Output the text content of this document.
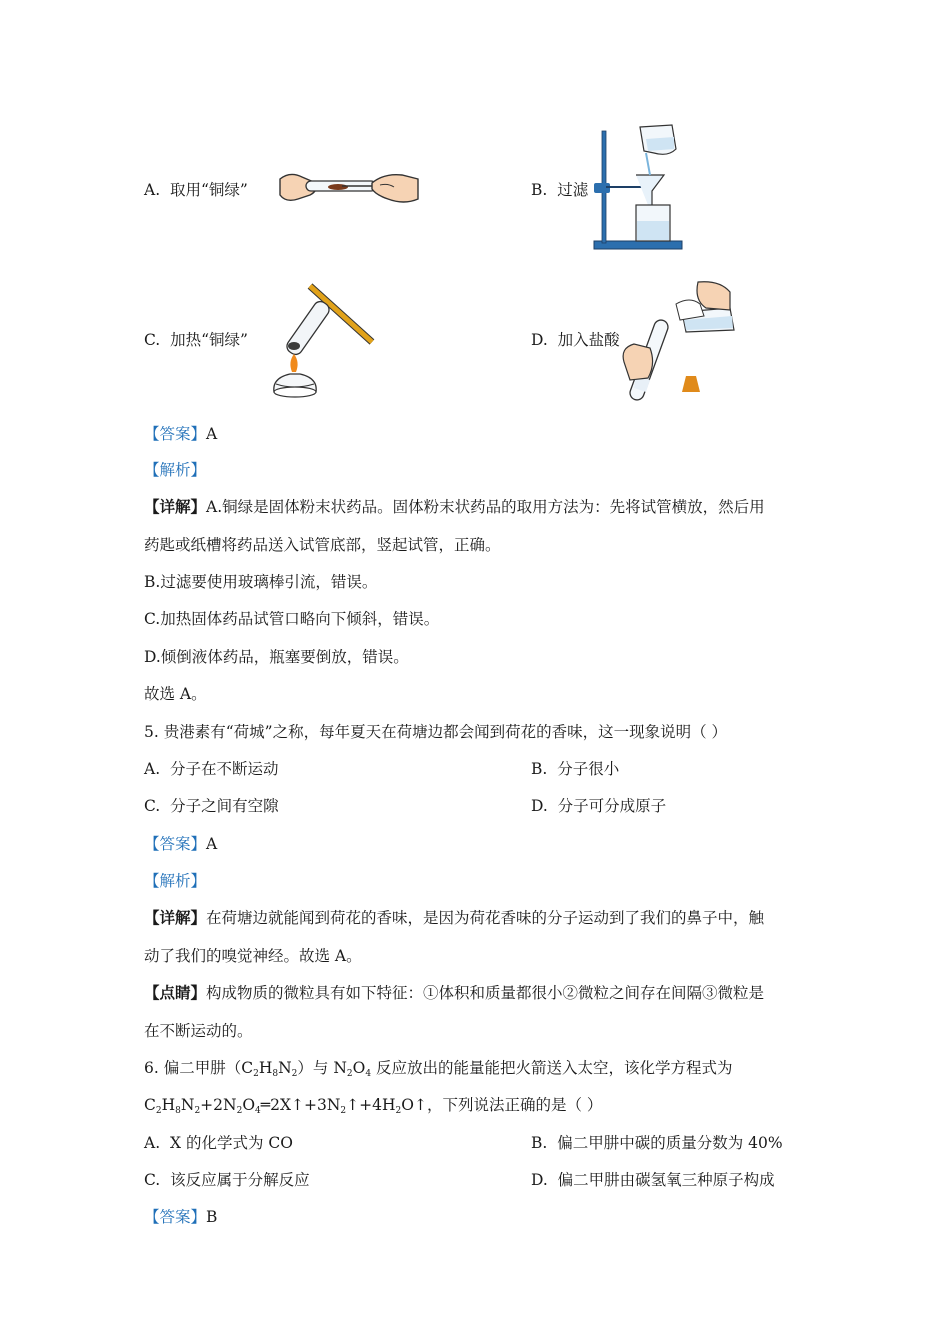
A. 取用“铜绿”	B. 过滤
C. 加热“铜绿”	D. 加入盐酸
【答案】A
【解析】
【详解】A.铜绿是固体粉末状药品。固体粉末状药品的取用方法为：先将试管横放，然后用
药匙或纸槽将药品送入试管底部，竖起试管，正确。
B.过滤要使用玻璃棒引流，错误。
C.加热固体药品试管口略向下倾斜，错误。
D.倾倒液体药品，瓶塞要倒放，错误。
故选 A。
5. 贵港素有“荷城”之称，每年夏天在荷塘边都会闻到荷花的香味，这一现象说明（ ）
A. 分子在不断运动	B. 分子很小
C. 分子之间有空隙	D. 分子可分成原子
【答案】A
【解析】
【详解】在荷塘边就能闻到荷花的香味，是因为荷花香味的分子运动到了我们的鼻子中，触
动了我们的嗅觉神经。故选 A。
【点睛】构成物质的微粒具有如下特征：①体积和质量都很小②微粒之间存在间隔③微粒是
在不断运动的。
6. 偏二甲肼$(C_2H_8N_2)$与 $N_2O_4$ 反应放出的能量能把火箭送入太空，该化学方程式为
$C_2H_8N_2+2N_2O_4═2X↑+3N_2↑+4H_2O↑$，下列说法正确的是（ ）
A. X 的化学式为 CO	B. 偏二甲肼中碳的质量分数为 40%
C. 该反应属于分解反应	D. 偏二甲肼由碳氢氧三种原子构成
【答案】B
